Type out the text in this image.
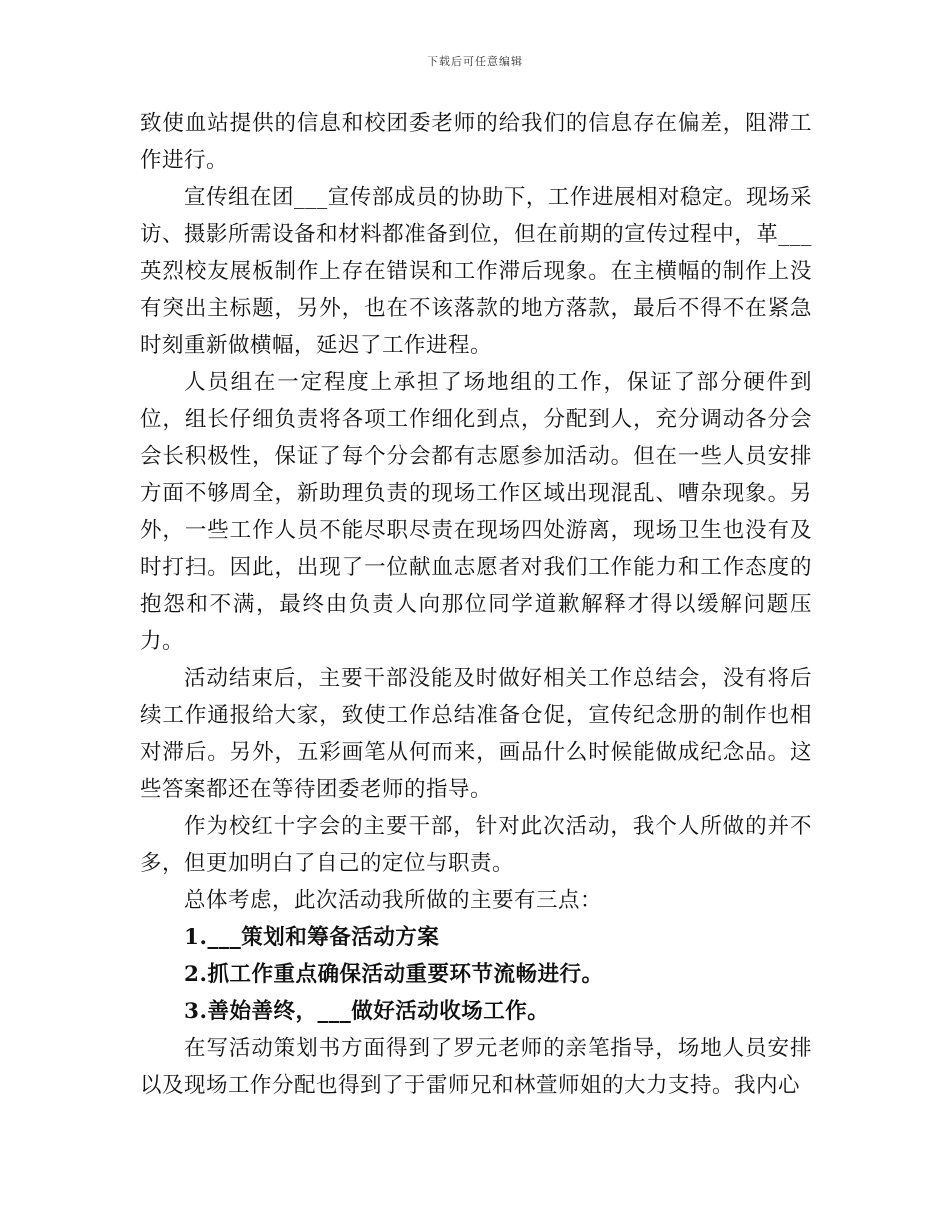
下载后可任意编辑

致使血站提供的信息和校团委老师的给我们的信息存在偏差，阻滞工作进行。

宣传组在团___宣传部成员的协助下，工作进展相对稳定。现场采访、摄影所需设备和材料都准备到位，但在前期的宣传过程中，革___英烈校友展板制作上存在错误和工作滞后现象。在主横幅的制作上没有突出主标题，另外，也在不该落款的地方落款，最后不得不在紧急时刻重新做横幅，延迟了工作进程。

人员组在一定程度上承担了场地组的工作，保证了部分硬件到位，组长仔细负责将各项工作细化到点，分配到人，充分调动各分会会长积极性，保证了每个分会都有志愿参加活动。但在一些人员安排方面不够周全，新助理负责的现场工作区域出现混乱、嘈杂现象。另外，一些工作人员不能尽职尽责在现场四处游离，现场卫生也没有及时打扫。因此，出现了一位献血志愿者对我们工作能力和工作态度的抱怨和不满，最终由负责人向那位同学道歉解释才得以缓解问题压力。

活动结束后，主要干部没能及时做好相关工作总结会，没有将后续工作通报给大家，致使工作总结准备仓促，宣传纪念册的制作也相对滞后。另外，五彩画笔从何而来，画品什么时候能做成纪念品。这些答案都还在等待团委老师的指导。

作为校红十字会的主要干部，针对此次活动，我个人所做的并不多，但更加明白了自己的定位与职责。

总体考虑，此次活动我所做的主要有三点：

1.___策划和筹备活动方案

2.抓工作重点确保活动重要环节流畅进行。

3.善始善终，___做好活动收场工作。

在写活动策划书方面得到了罗元老师的亲笔指导，场地人员安排以及现场工作分配也得到了于雷师兄和林萱师姐的大力支持。我内心
